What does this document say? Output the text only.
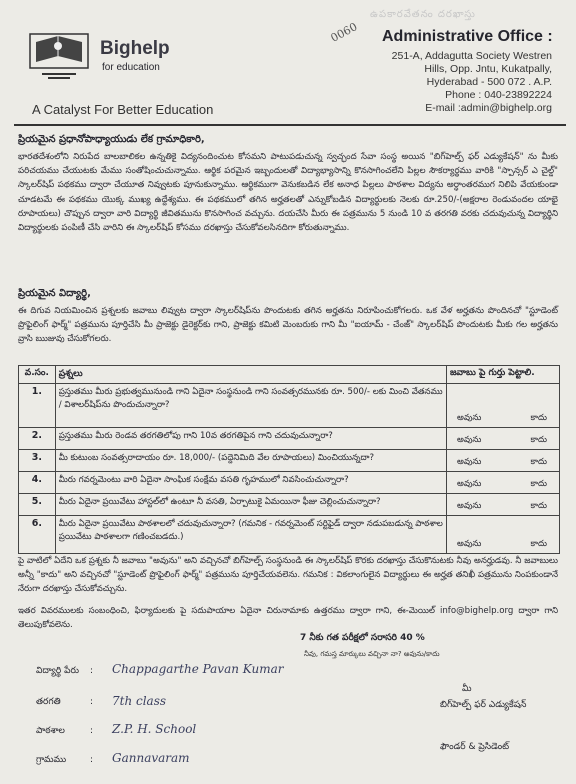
Bighelp
for education
A Catalyst For Better Education
ఉపకారవేతనం దరఖాస్తు
0060 Administrative Office :
251-A, Addagutta Society Westren
Hills, Opp. Jntu, Kukatpally,
Hyderabad - 500 072 . A.P.
Phone : 040-23892224
E-mail :admin@bighelp.org
ప్రియమైన ప్రధానోపాధ్యాయుడు లేక గ్రామాధికారి,
భారతదేశంలోని నిరుపేద బాలబాలికల ఉన్నతికై విద్యనందించుట కోసమని పాటుపడుచున్న స్వచ్ఛంద సేవా సంస్థ అయిన "బిగ్‌హెల్ప్ ఫర్ ఎడ్యుకేషన్" ను మీకు పరిచయము చేయుటకు మేము సంతోషించుచున్నాము. ఆర్థిక పరమైన ఇబ్బందులతో విద్యాభ్యాసాన్ని కొనసాగించలేని పిల్లల సౌకర్యార్థము వారికి "స్పాన్సర్ ఎ చైల్డ్" స్కాలర్‌షిప్ పథకము ద్వారా చేయూత నివ్వుటకు పూనుకున్నాము. ఆర్థికముగా వెనుకబడిన లేక అనాధ పిల్లలు పాఠశాల విద్యను అర్ధాంతరముగ నిలిపి వేయకుండా చూడటమే ఈ పథకము యొక్క ముఖ్య ఉద్దేశ్యము. ఈ పథకములో తగిన అర్హతలతో ఎన్నుకోబడిన విద్యార్థులకు నెలకు రూ.250/-(అక్షరాల రెండువందల యాభై రూపాయలు) చొప్పున ద్వారా వారి విద్యార్థి జీవితమును కొనసాగించ వచ్చును. దయచేసి మీరు ఈ పత్రమును 5 నుండి 10 వ తరగతి వరకు చదువుచున్న విద్యార్థిని విద్యార్థులకు పంపిణీ చేసి వారిని ఈ స్కాలర్‌షిప్ కోసము దరఖాస్తు చేసుకోవలసినదిగా కోరుతున్నాము.
ప్రియమైన విద్యార్థి,
ఈ దిగువ నియమించిన ప్రశ్నలకు జవాబు లివ్వుట ద్వారా స్కాలర్‌షిప్‌ను పొందుటకు తగిన అర్హతను నిరూపించుకోగలరు. ఒక వేళ అర్హతను పొందినచో "స్టూడెంట్ ప్రొఫైలింగ్ ఫార్మ్" పత్రమును పూర్తిచేసి మీ ప్రాజెక్టు డైరెక్టర్‌కు గాని, ప్రాజెక్టు కమిటి మెంబరుకు గాని మీ "ఐయామ్ - చేంజ్" స్కాలర్‌షిప్ పొందుటకు మీకు గల అర్హతను వ్రాసి ఋజువు చేసుకోగలరు.
వ.సం.	ప్రశ్నలు	జవాబు పై గుర్తు పెట్టాలి.
1.	ప్రస్తుతము మీరు ప్రభుత్వమునుండి గాని ఏదైనా సంస్థనుండి గాని సంవత్సరమునకు రూ. 500/- లకు మించి వేతనము / విశాలర్‌షిప్‌ను పొందుచున్నారా?	అవును కాదు

2.	ప్రస్తుతము మీరు రెండవ తరగతిలోపు గాని 10వ తరగతిపైన గాని చదువుచున్నారా?	అవును కాదు

3.	మీ కుటుంబ సంవత్సరాదాయం రూ. 18,000/- (పద్దెనిమిది వేల రూపాయలు) మించియున్నదా?	అవును కాదు

4.	మీరు గవర్నమెంటు వారి ఏదైనా సాంఘిక సంక్షేమ వసతి గృహములో నివసించుచున్నారా?	అవును కాదు

5.	మీరు ఏదైనా ప్రయివేటు హాస్టల్‌లో ఉంటూ నీ వసతి, ఏర్పాటుకై ఏమయినా ఫీజు చెల్లించుచున్నారా?	అవును కాదు

6.	మీరు ఏదైనా ప్రయివేటు పాఠశాలలో చదువుచున్నారా? (గమనిక - గవర్నమెంట్ సర్టిఫైడ్ ద్వారా నడుపబడున్న పాఠశాల ప్రయివేటు పాఠశాలగా గణించబడదు.)	అవును కాదు
పై వాటిలో ఏదేని ఒక ప్రశ్నకు నీ జవాబు "అవును" అని వచ్చినచో బిగ్‌హెల్ప్ సంస్థనుండి ఈ స్కాలర్‌షిప్ కొరకు దరఖాస్తు చేసుకొనుటకు నీవు అనర్హుడవు. నీ జవాబులు అన్నీ "కాదు" అని వచ్చినచో "స్టూడెంట్ ప్రొఫైలింగ్ ఫార్మ్" పత్రమును పూర్తిచేయవలెను. గమనిక : వికలాంగులైన విద్యార్థులు ఈ అర్హత తనిఖీ పత్రమును నింపకుండానే నేరుగా దరఖాస్తు చేసుకోవచ్చును.
ఇతర వివరములకు సంబంధించి, ఫిర్యాదులకు పై సదుపాయాల ఏదైనా చిరునామాకు ఉత్తరము ద్వారా గాని, ఈ-మెయిల్ info@bighelp.org ద్వారా గాని తెలుపుకోవలెను.
7 నీకు గత పరీక్షలో సరాసరి 40 %
నీవు, గమస్త మార్కులు వచ్చినా నా? అవును/కాదు
విద్యార్థి పేరు : Chappagarthe Pavan Kumar
తరగతి	: 7th class
పాఠశాల	: Z.P. H. School
గ్రామము	: Gannavaram
మీ
బిగ్‌హెల్ప్ ఫర్ ఎడ్యుకేషన్
ఫౌండర్ & ప్రెసిడెంట్
